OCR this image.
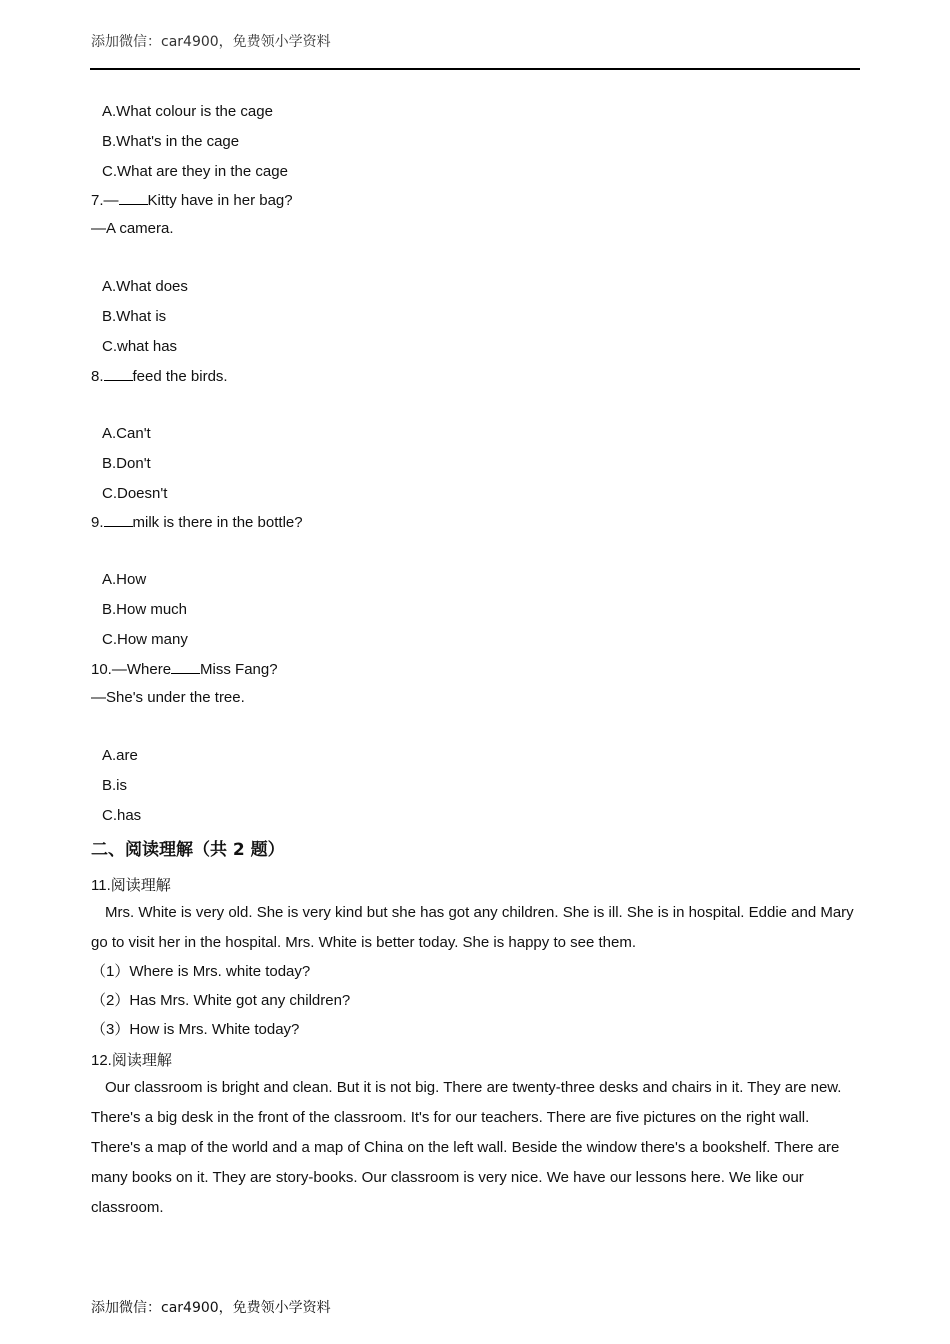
添加微信：car4900，免费领小学资料
A.What colour is the cage
B.What's in the cage
C.What are they in the cage
7.— Kitty have in her bag?
—A camera.
A.What does
B.What is
C.what has
8. feed the birds.
A.Can't
B.Don't
C.Doesn't
9. milk is there in the bottle?
A.How
B.How much
C.How many
10.—Where Miss Fang?
—She's under the tree.
A.are
B.is
C.has
二、阅读理解（共 2 题）
11.阅读理解
Mrs. White is very old. She is very kind but she has got any children. She is ill. She is in hospital. Eddie and Mary go to visit her in the hospital. Mrs. White is better today. She is happy to see them.
（1）Where is Mrs. white today?
（2）Has Mrs. White got any children?
（3）How is Mrs. White today?
12.阅读理解
Our classroom is bright and clean. But it is not big. There are twenty-three desks and chairs in it. They are new. There's a big desk in the front of the classroom. It's for our teachers. There are five pictures on the right wall. There's a map of the world and a map of China on the left wall. Beside the window there's a bookshelf. There are many books on it. They are story-books. Our classroom is very nice. We have our lessons here. We like our classroom.
添加微信：car4900，免费领小学资料
